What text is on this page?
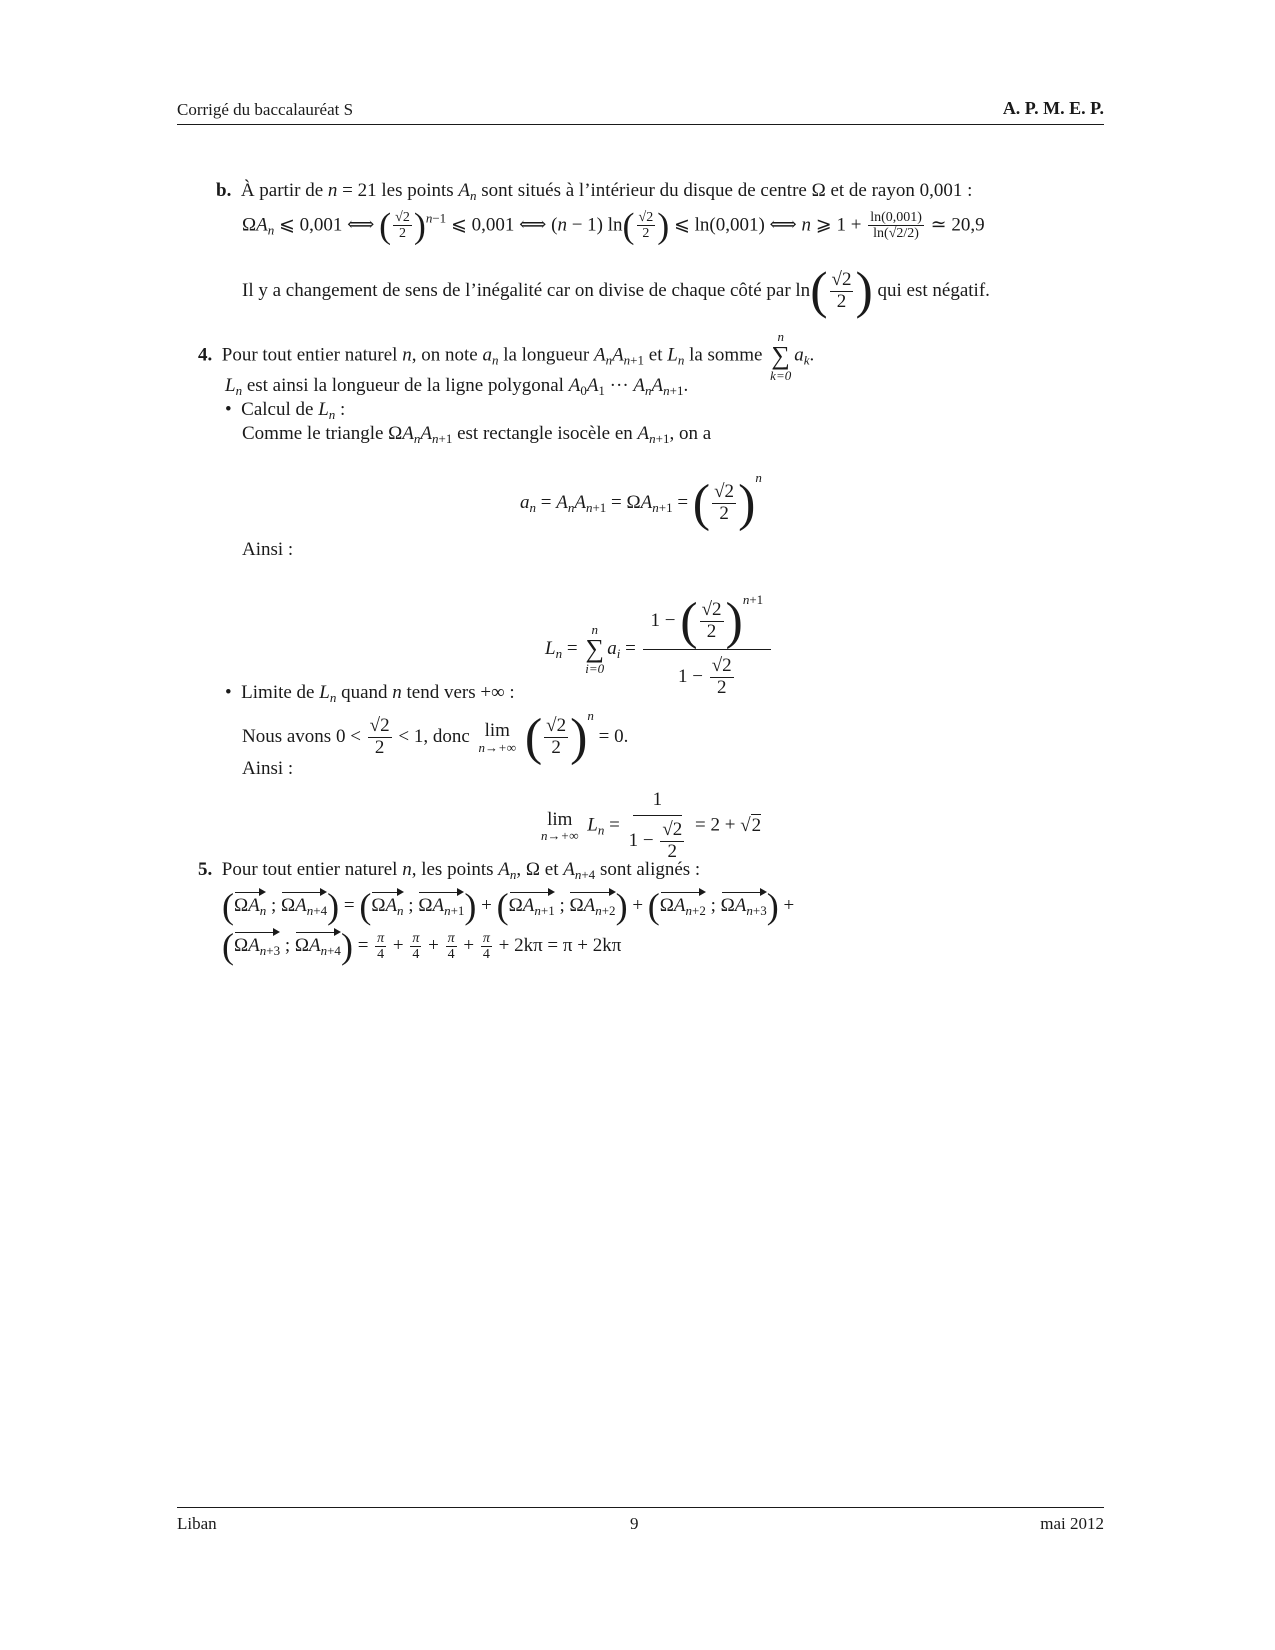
Corrigé du baccalauréat S	A. P. M. E. P.
b. À partir de n = 21 les points $A_n$ sont situés à l’intérieur du disque de centre Ω et de rayon 0,001 :
$\Omega A_n$ ⩽ 0,001 ⟺ ( $\frac{√2}{2} )^{n-1}$ ⩽ 0,001 ⟺ (n − 1) $\ln( \frac{√2}{2}$ ) ⩽ ln(0,001) ⟺ n ⩾ $1 + \frac{\ln(0,001)}{\ln(√2/2)}$ ≃ 20,9
Il y a changement de sens de l’inégalité car on divise de chaque côté par $\ln( \frac{√2}{2}$ ) qui est négatif.
4. Pour tout entier naturel n, on note $a_n$ la longueur $A_nA_{n+1}$ et $L_n$ la somme
n
∑
k=0
$a_k$.
$L_n$ est ainsi la longueur de la ligne polygonal $A_0A_1$ ··· $A_nA_{n+1}$.
•  Calcul de $L_n$ :
Comme le triangle $\Omega A_nA_{n+1}$ est rectangle isocèle en $A_{n+1}$, on a
$a_n = A_nA_{n+1} = \Omega A_{n+1}$ = ( $\frac{√2}{2} )^n$
Ainsi :
$L_n$ =
n
∑
i=0
$a_i = \frac{1 - ( \frac{√2}{2} )^{n+1}}{1 - \frac{√2}{2}}$
•  Limite de $L_n$ quand n tend vers +∞ :
Nous avons $0 < \frac{√2}{2} < 1$, donc lim
n→+∞ ( $\frac{√2}{2} )^n = 0$.
Ainsi :
lim
n→+∞
$L_n = \frac{1}{1 - \frac{√2}{2}} = 2 + √2$
5. Pour tout entier naturel n, les points $A_n$, Ω et $A_{n+4}$ sont alignés :
($\Omega A_n$ ; $\Omega A_{n+4}) = (\Omega A_n$ ; $\Omega A_{n+1}) + (\Omega A_{n+1}$ ; $\Omega A_{n+2}) + (\Omega A_{n+2}$ ; $\Omega A_{n+3}$) +
($\Omega A_{n+3}$ ; $\Omega A_{n+4}) = \frac{\pi}{4} + \frac{\pi}{4} + \frac{\pi}{4} + \frac{\pi}{4} + 2k\pi = \pi + 2k\pi$
Liban	9	mai 2012
